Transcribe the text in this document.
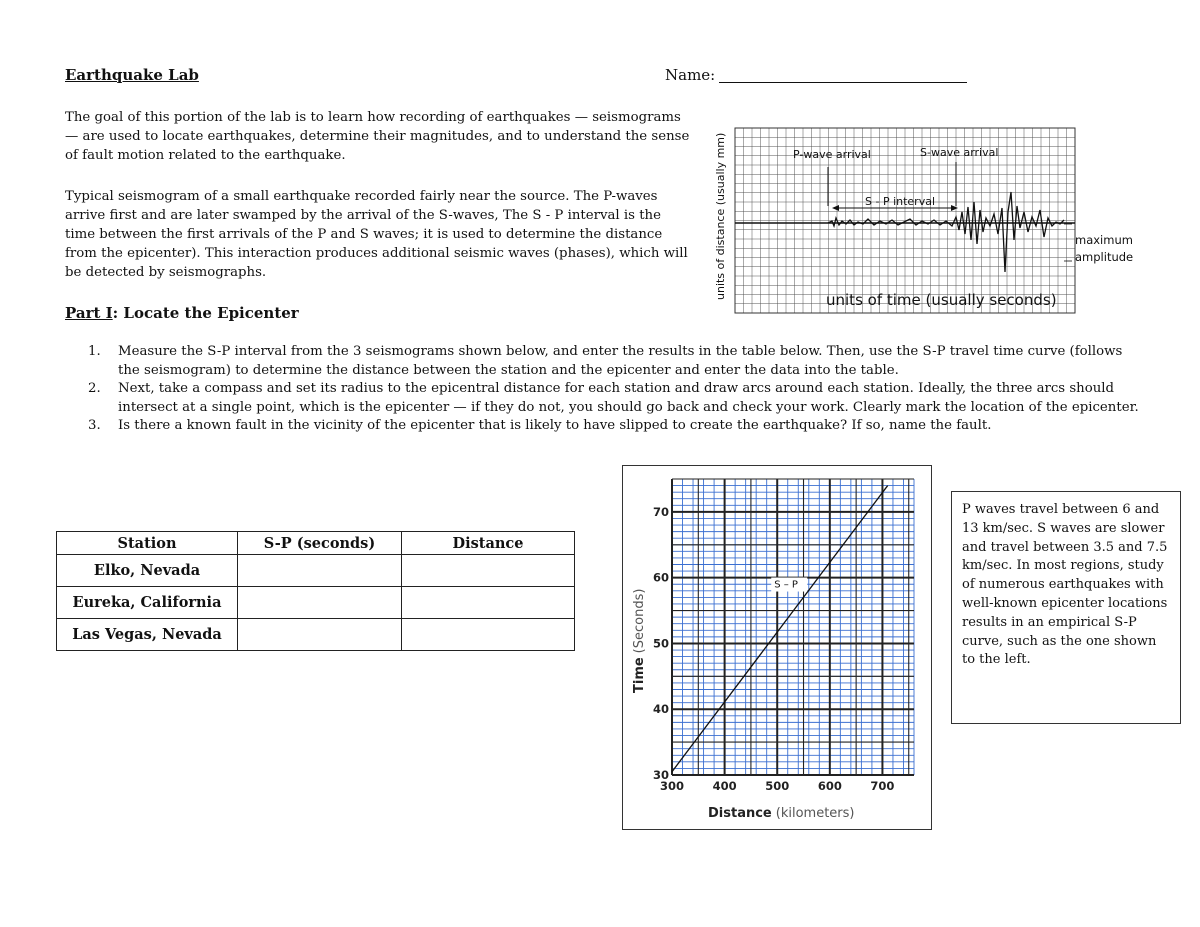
Earthquake Lab	Name:
The goal of this portion of the lab is to learn how recording of earthquakes — seismograms — are used to locate earthquakes, determine their magnitudes, and to understand the sense of fault motion related to the earthquake.
Typical seismogram of a small earthquake recorded fairly near the source. The P-waves arrive first and are later swamped by the arrival of the S-waves, The S - P interval is the time between the first arrivals of the P and S waves; it is used to determine the distance from the epicenter). This interaction produces additional seismic waves (phases), which will be detected by seismographs.
P-wave arrival	S-wave arrival
S - P interval
maximum
amplitude
units of time (usually seconds)
units of distance (usually mm)
Part I: Locate the Epicenter
1. Measure the S-P interval from the 3 seismograms shown below, and enter the results in the table below. Then, use the S-P travel time curve (follows the seismogram) to determine the distance between the station and the epicenter and enter the data into the table.
2. Next, take a compass and set its radius to the epicentral distance for each station and draw arcs around each station. Ideally, the three arcs should intersect at a single point, which is the epicenter — if they do not, you should go back and check your work. Clearly mark the location of the epicenter.
3. Is there a known fault in the vicinity of the epicenter that is likely to have slipped to create the earthquake? If so, name the fault.
Station	S-P (seconds)	Distance
Elko, Nevada		
Eureka, California		
Las Vegas, Nevada		
300 400 500 600 700
30
40
50
60
70
Distance (kilometers)
Time(Seconds)
S – P
P waves travel between 6 and 13 km/sec. S waves are slower and travel between 3.5 and 7.5 km/sec. In most regions, study of numerous earthquakes with well-known epicenter locations results in an empirical S-P curve, such as the one shown to the left.
